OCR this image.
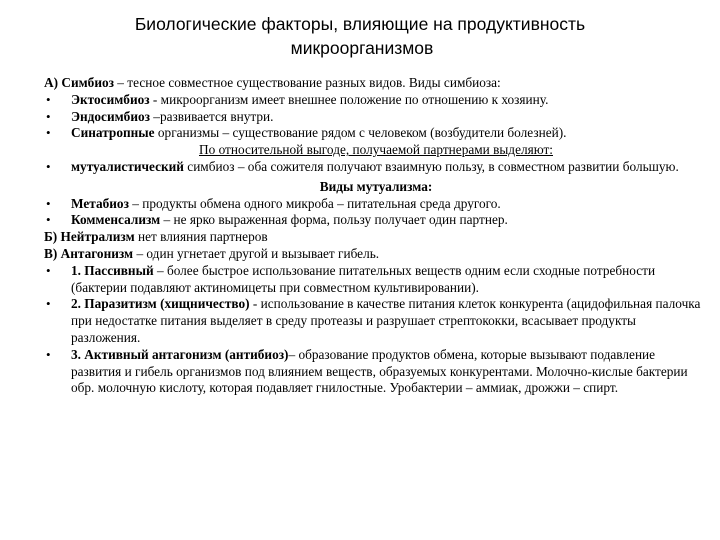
Биологические факторы, влияющие на продуктивность
микроорганизмов

А) Симбиоз – тесное совместное существование разных видов. Виды симбиоза:

• Эктосимбиоз - микроорганизм имеет внешнее положение по отношению к хозяину.

• Эндосимбиоз –развивается внутри.

• Синатропные организмы – существование рядом с человеком (возбудители болезней).

По относительной выгоде, получаемой партнерами выделяют:

• мутуалистический симбиоз – оба сожителя получают взаимную пользу, в совместном развитии большую.

Виды мутуализма:

• Метабиоз – продукты обмена одного микроба – питательная среда другого.

• Комменсализм – не ярко выраженная форма, пользу получает один партнер.

Б) Нейтрализм нет влияния партнеров

В) Антагонизм – один угнетает другой и вызывает гибель.

• 1. Пассивный – более быстрое использование питательных веществ одним если сходные потребности (бактерии подавляют актиномицеты при совместном культивировании).

• 2. Паразитизм (хищничество) - использование в качестве питания клеток конкурента (ацидофильная палочка при недостатке питания выделяет в среду протеазы и разрушает стрептококки, всасывает продукты разложения.

• 3. Активный антагонизм (антибиоз)– образование продуктов обмена, которые вызывают подавление развития и гибель организмов под влиянием веществ, образуемых конкурентами. Молочно-кислые бактерии обр. молочную кислоту, которая подавляет гнилостные. Уробактерии – аммиак, дрожжи – спирт.
